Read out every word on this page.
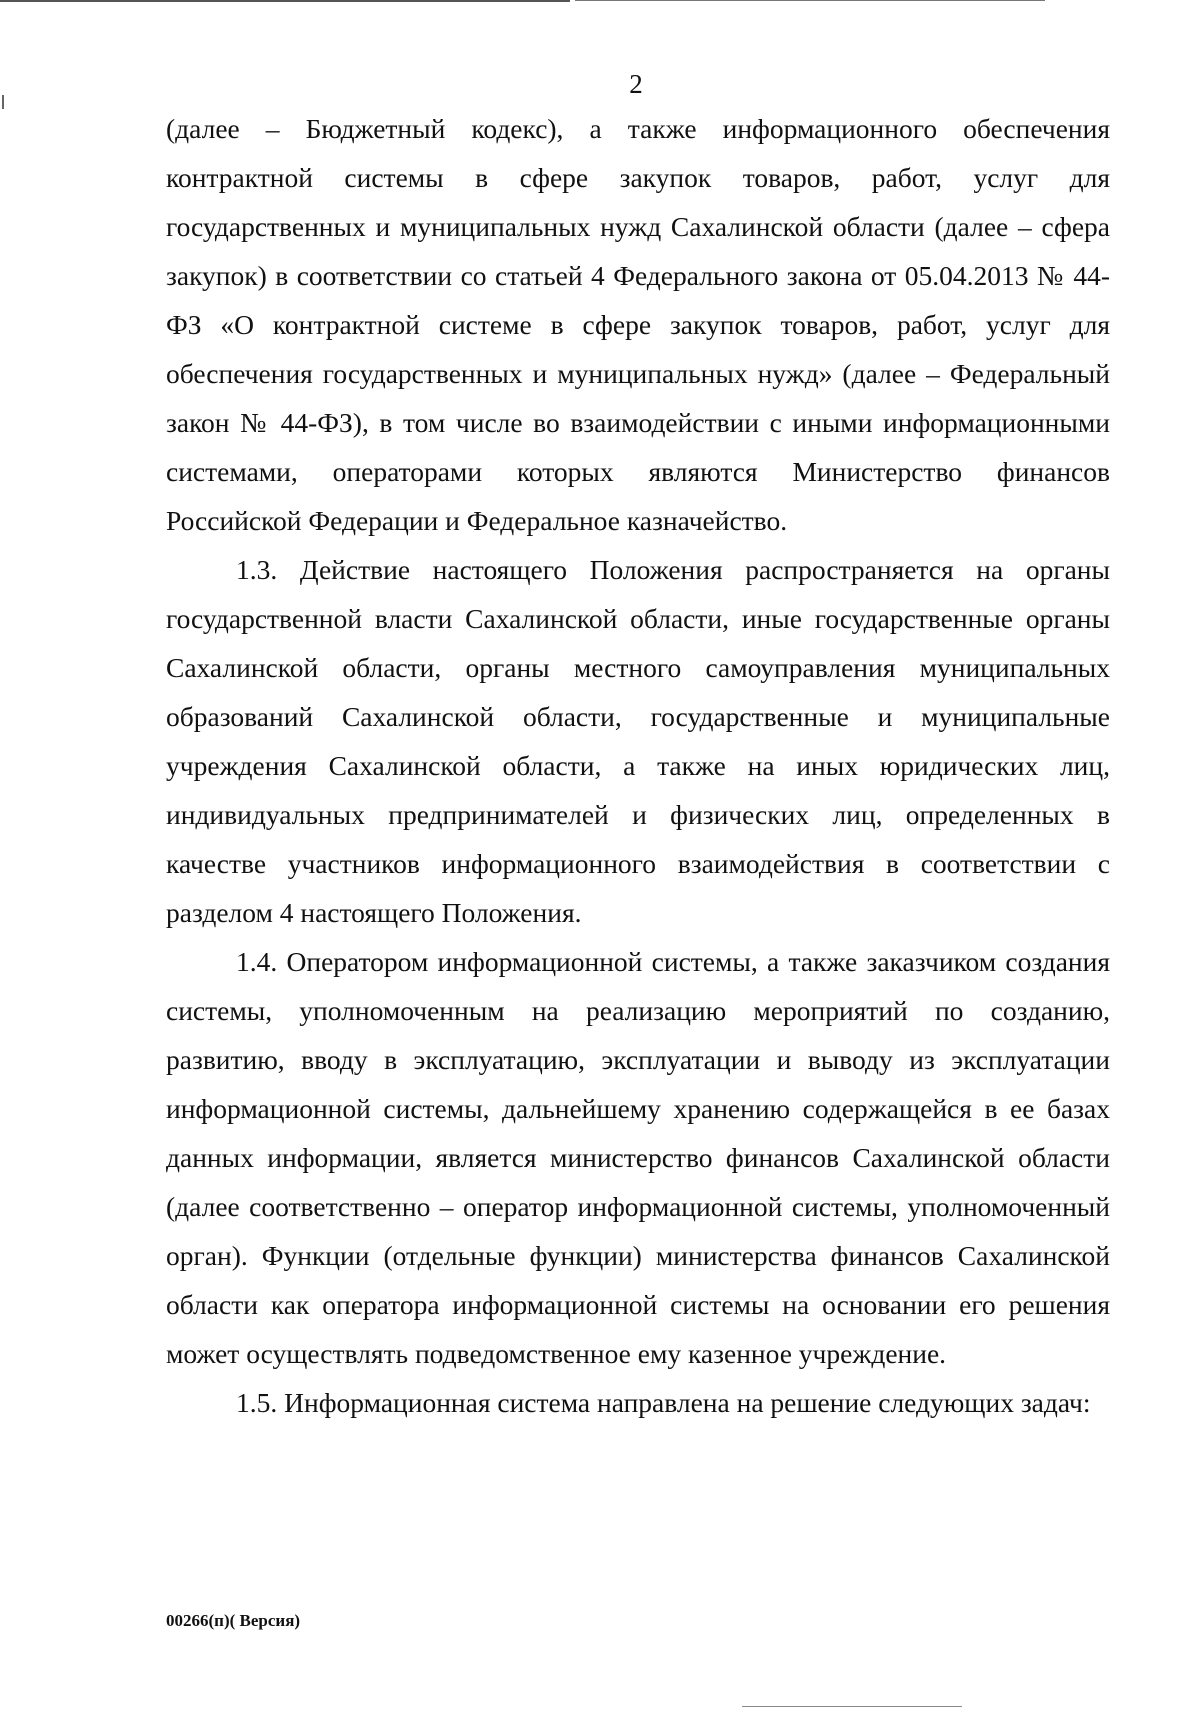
2

(далее – Бюджетный кодекс), а также информационного обеспечения контрактной системы в сфере закупок товаров, работ, услуг для государственных и муниципальных нужд Сахалинской области (далее – сфера закупок) в соответствии со статьей 4 Федерального закона от 05.04.2013 № 44-ФЗ «О контрактной системе в сфере закупок товаров, работ, услуг для обеспечения государственных и муниципальных нужд» (далее – Федеральный закон № 44-ФЗ), в том числе во взаимодействии с иными информационными системами, операторами которых являются Министерство финансов Российской Федерации и Федеральное казначейство.

1.3. Действие настоящего Положения распространяется на органы государственной власти Сахалинской области, иные государственные органы Сахалинской области, органы местного самоуправления муниципальных образований Сахалинской области, государственные и муниципальные учреждения Сахалинской области, а также на иных юридических лиц, индивидуальных предпринимателей и физических лиц, определенных в качестве участников информационного взаимодействия в соответствии с разделом 4 настоящего Положения.

1.4. Оператором информационной системы, а также заказчиком создания системы, уполномоченным на реализацию мероприятий по созданию, развитию, вводу в эксплуатацию, эксплуатации и выводу из эксплуатации информационной системы, дальнейшему хранению содержащейся в ее базах данных информации, является министерство финансов Сахалинской области (далее соответственно – оператор информационной системы, уполномоченный орган). Функции (отдельные функции) министерства финансов Сахалинской области как оператора информационной системы на основании его решения может осуществлять подведомственное ему казенное учреждение.

1.5. Информационная система направлена на решение следующих задач:

00266(п)( Версия)
